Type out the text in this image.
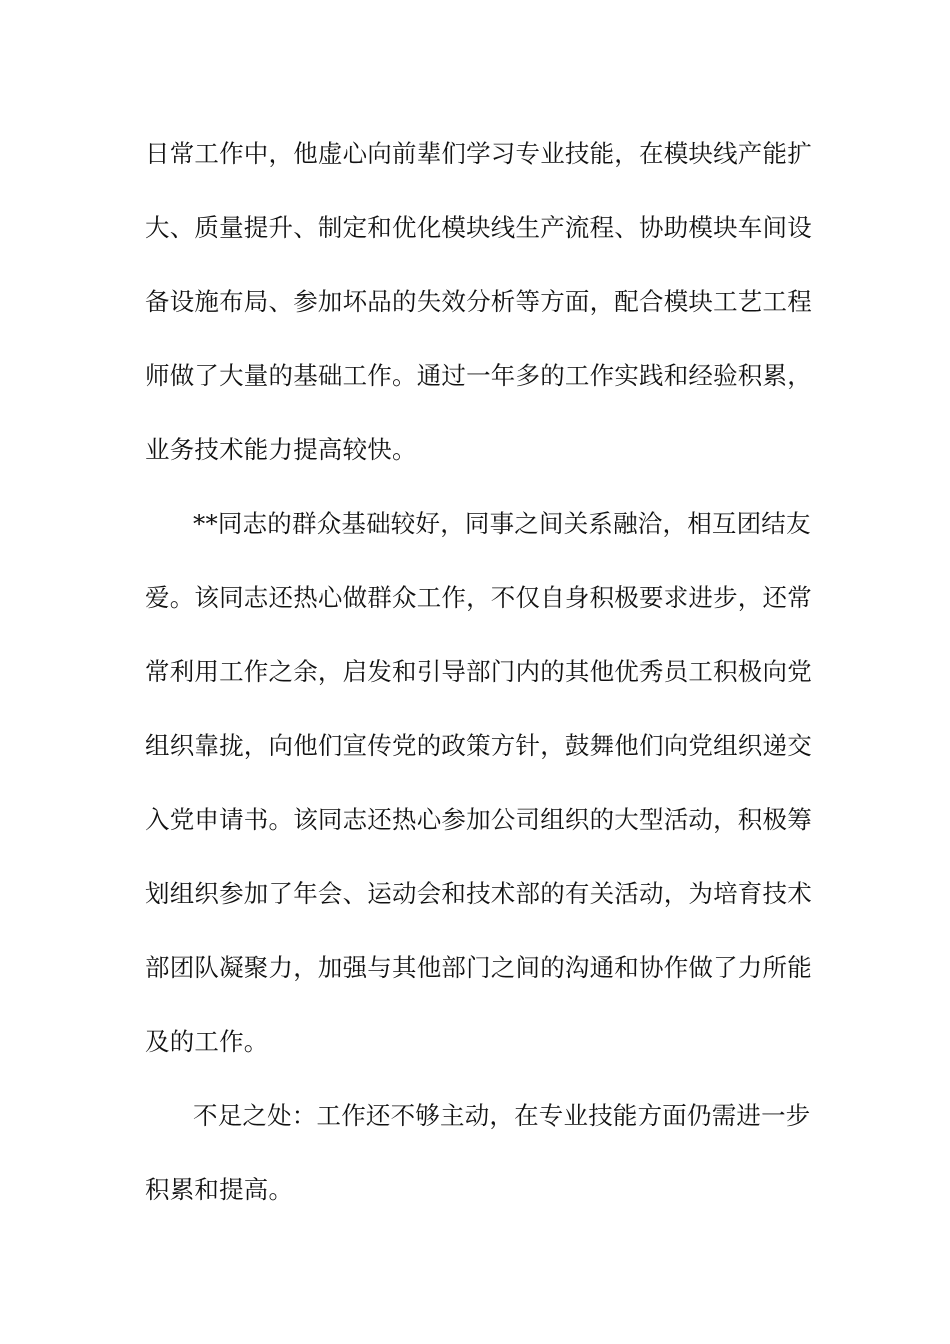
日常工作中，他虚心向前辈们学习专业技能，在模块线产能扩
大、质量提升、制定和优化模块线生产流程、协助模块车间设
备设施布局、参加坏品的失效分析等方面，配合模块工艺工程
师做了大量的基础工作。通过一年多的工作实践和经验积累，
业务技术能力提高较快。
**同志的群众基础较好，同事之间关系融洽，相互团结友
爱。该同志还热心做群众工作，不仅自身积极要求进步，还常
常利用工作之余，启发和引导部门内的其他优秀员工积极向党
组织靠拢，向他们宣传党的政策方针，鼓舞他们向党组织递交
入党申请书。该同志还热心参加公司组织的大型活动，积极筹
划组织参加了年会、运动会和技术部的有关活动，为培育技术
部团队凝聚力，加强与其他部门之间的沟通和协作做了力所能
及的工作。
不足之处：工作还不够主动，在专业技能方面仍需进一步
积累和提高。
